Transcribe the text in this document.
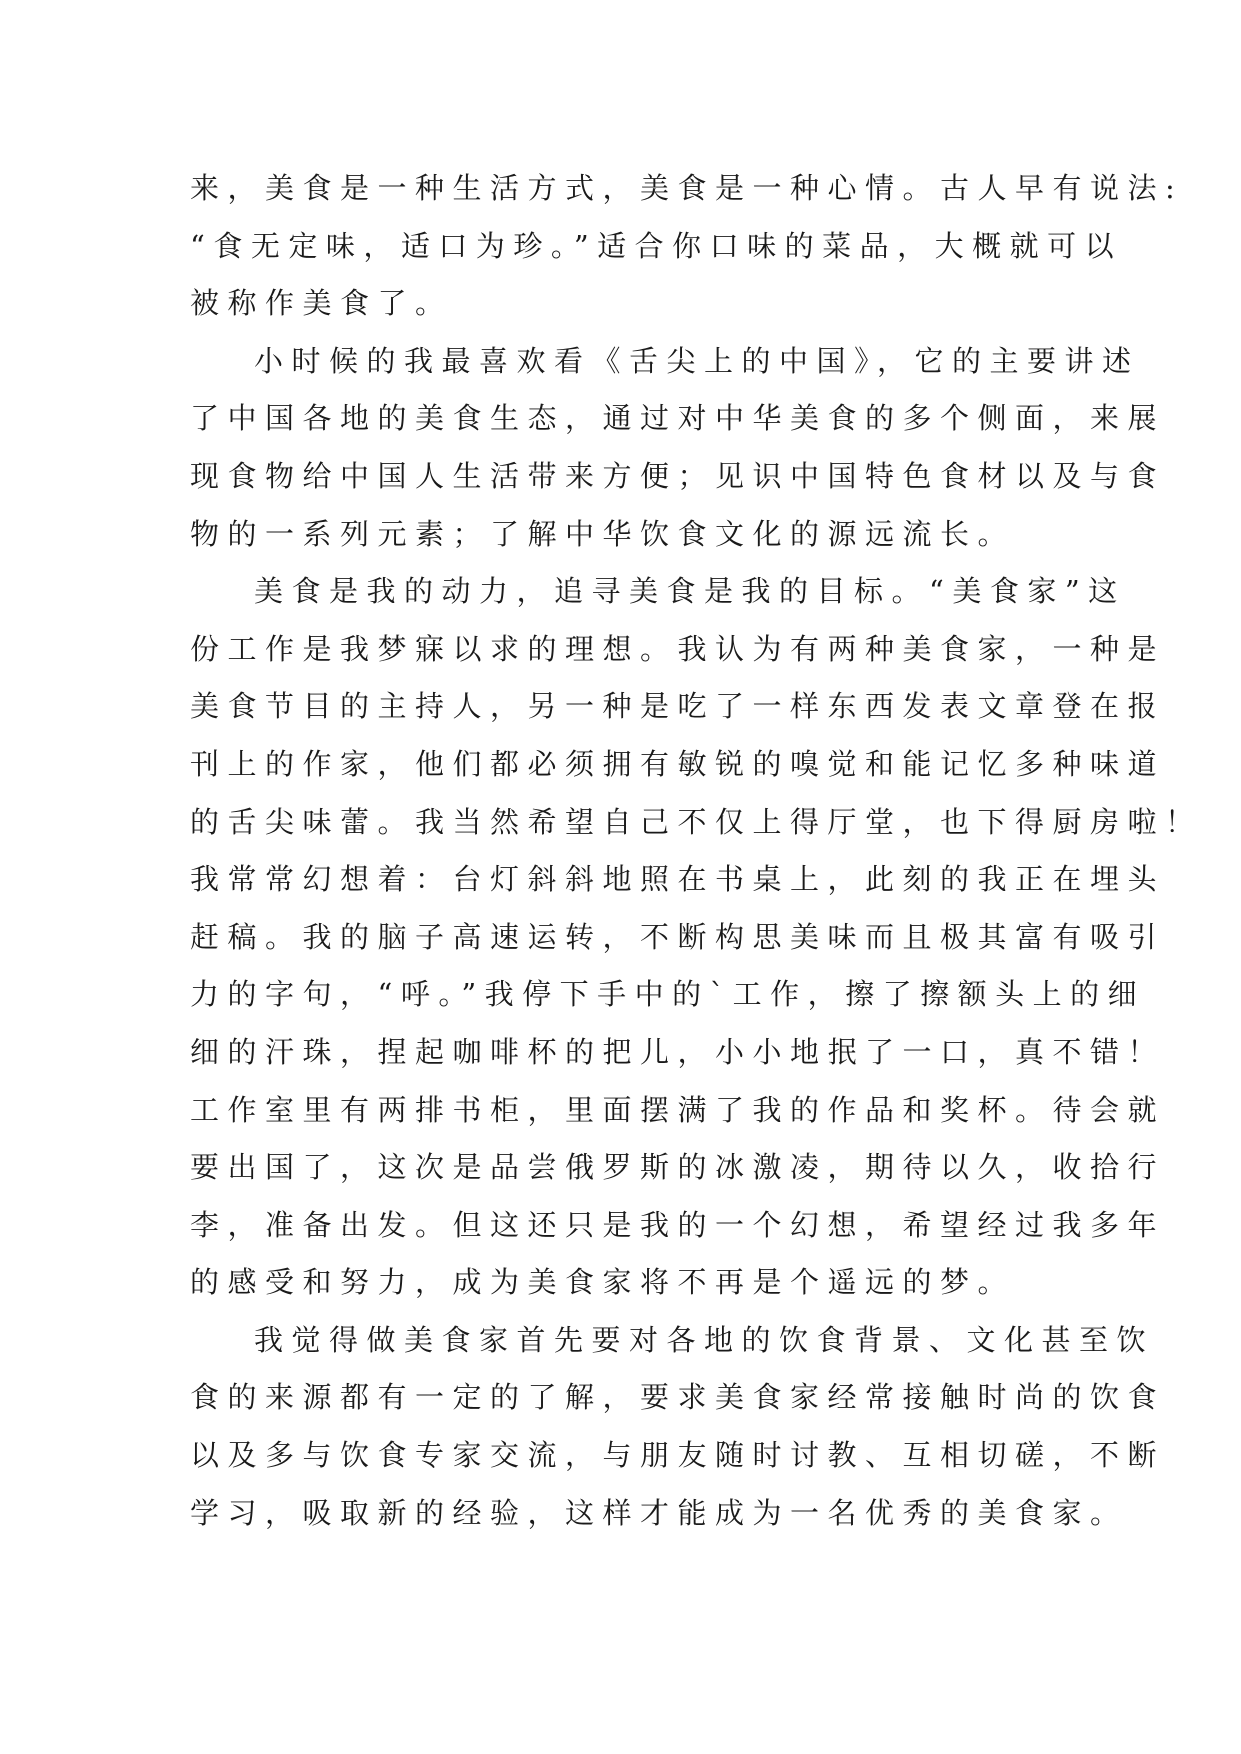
来，美食是一种生活方式，美食是一种心情。古人早有说法:
“食无定味，适口为珍。”适合你口味的菜品，大概就可以
被称作美食了。
小时候的我最喜欢看《舌尖上的中国》，它的主要讲述
了中国各地的美食生态，通过对中华美食的多个侧面，来展
现食物给中国人生活带来方便；见识中国特色食材以及与食
物的一系列元素；了解中华饮食文化的源远流长。
美食是我的动力，追寻美食是我的目标。“美食家”这
份工作是我梦寐以求的理想。我认为有两种美食家，一种是
美食节目的主持人，另一种是吃了一样东西发表文章登在报
刊上的作家，他们都必须拥有敏锐的嗅觉和能记忆多种味道
的舌尖味蕾。我当然希望自己不仅上得厅堂，也下得厨房啦！
我常常幻想着：台灯斜斜地照在书桌上，此刻的我正在埋头
赶稿。我的脑子高速运转，不断构思美味而且极其富有吸引
力的字句，“呼。”我停下手中的`工作，擦了擦额头上的细
细的汗珠，捏起咖啡杯的把儿，小小地抿了一口，真不错！
工作室里有两排书柜，里面摆满了我的作品和奖杯。待会就
要出国了，这次是品尝俄罗斯的冰激凌，期待以久，收拾行
李，准备出发。但这还只是我的一个幻想，希望经过我多年
的感受和努力，成为美食家将不再是个遥远的梦。
我觉得做美食家首先要对各地的饮食背景、文化甚至饮
食的来源都有一定的了解，要求美食家经常接触时尚的饮食
以及多与饮食专家交流，与朋友随时讨教、互相切磋，不断
学习，吸取新的经验，这样才能成为一名优秀的美食家。
